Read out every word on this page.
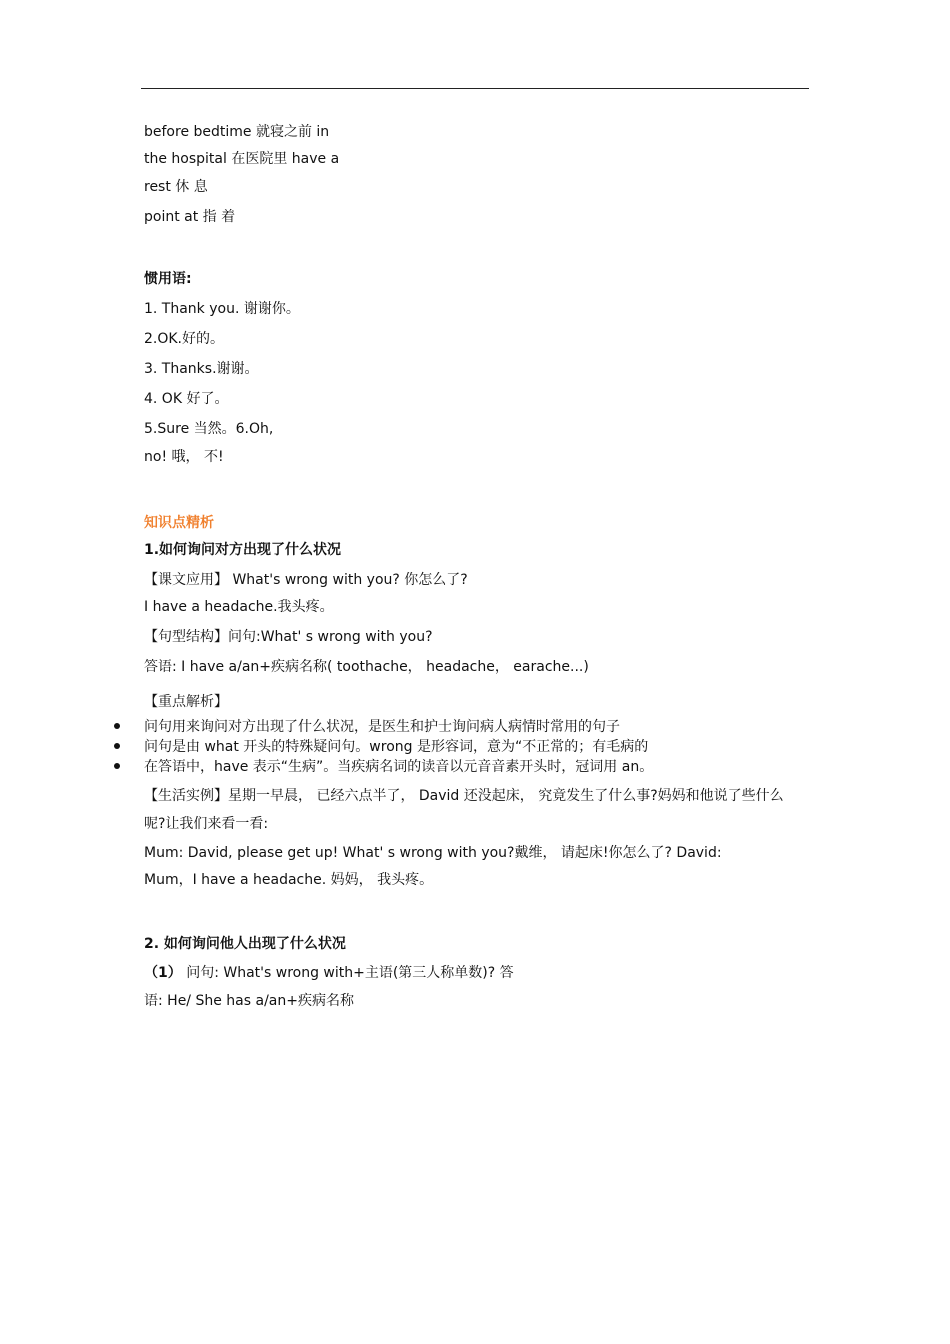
before bedtime 就寝之前 in
the hospital 在医院里 have a
rest 休 息
point at 指 着
惯用语:
1. Thank you. 谢谢你。
2.OK.好的。
3. Thanks.谢谢。
4. OK 好了。
5.Sure 当然。6.Oh,
no! 哦， 不!
知识点精析
1.如何询问对方出现了什么状况
【课文应用】 What's wrong with you? 你怎么了?
I have a headache.我头疼。
【句型结构】问句:What' s wrong with you?
答语: I have a/an+疾病名称( toothache， headache， earache...)
【重点解析】
问句用来询问对方出现了什么状况，是医生和护士询问病人病情时常用的句子
问句是由 what 开头的特殊疑问句。wrong 是形容词，意为“不正常的；有毛病的
在答语中，have 表示“生病”。当疾病名词的读音以元音音素开头时，冠词用 an。
【生活实例】星期一早晨， 已经六点半了， David 还没起床， 究竟发生了什么事?妈妈和他说了些什么
呢?让我们来看一看:
Mum: David, please get up! What' s wrong with you?戴维， 请起床!你怎么了? David:
Mum，I have a headache. 妈妈， 我头疼。
2. 如何询问他人出现了什么状况
（1） 问句: What's wrong with+主语(第三人称单数)? 答
语: He/ She has a/an+疾病名称
